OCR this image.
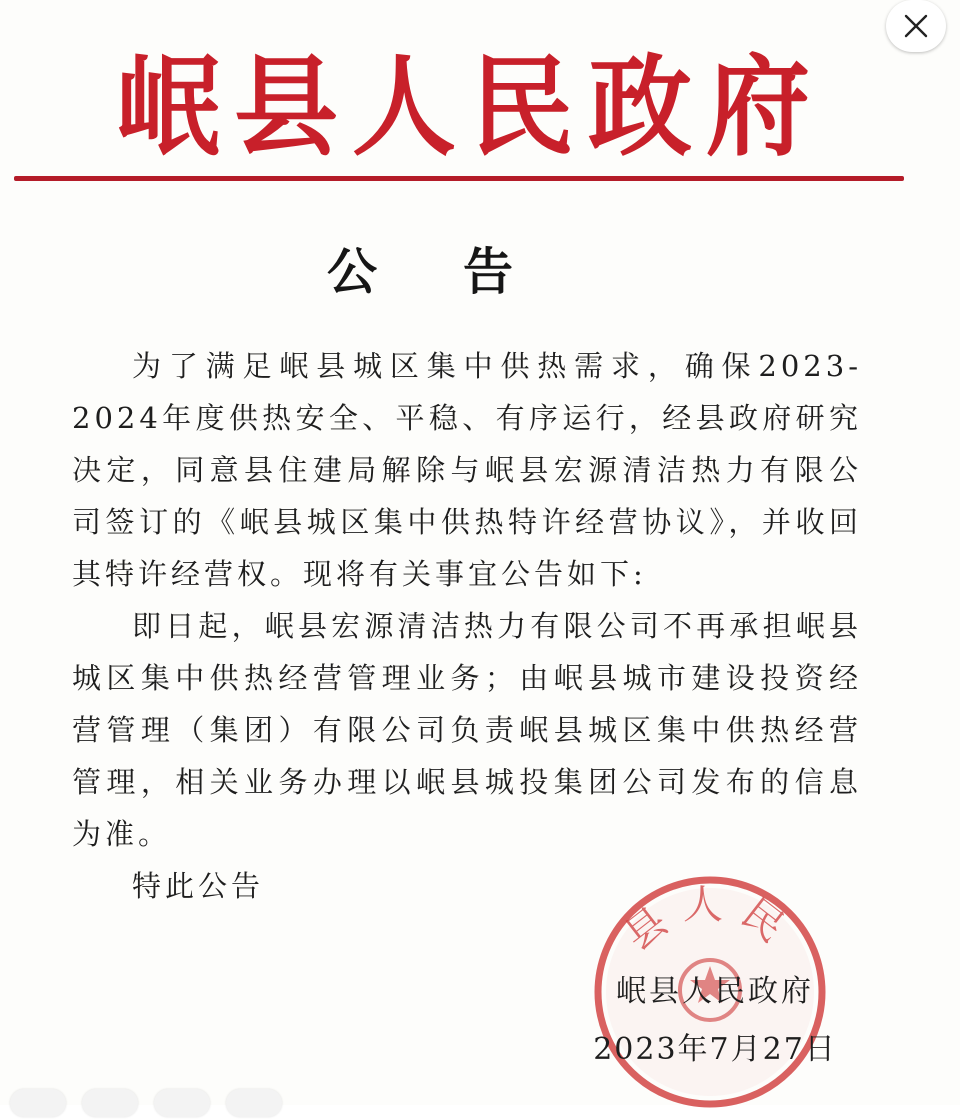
岷县人民政府
公告

为了满足岷县城区集中供热需求，确保2023-2024年度供热安全、平稳、有序运行，经县政府研究决定，同意县住建局解除与岷县宏源清洁热力有限公司签订的《岷县城区集中供热特许经营协议》，并收回其特许经营权。现将有关事宜公告如下:

即日起，岷县宏源清洁热力有限公司不再承担岷县城区集中供热经营管理业务；由岷县城市建设投资经营管理（集团）有限公司负责岷县城区集中供热经营管理，相关业务办理以岷县城投集团公司发布的信息为准。

特此公告

县人民
岷县人民政府
2023年7月27日
